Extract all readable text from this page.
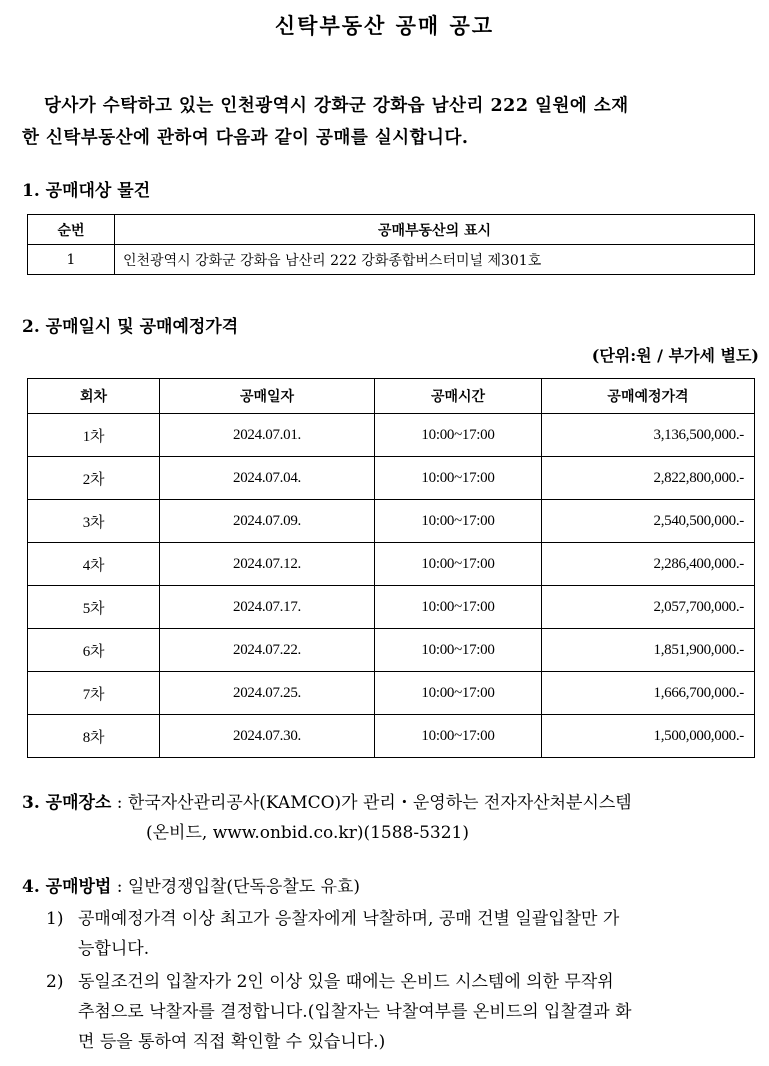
신탁부동산 공매 공고
당사가 수탁하고 있는 인천광역시 강화군 강화읍 남산리 222 일원에 소재
한 신탁부동산에 관하여 다음과 같이 공매를 실시합니다.
1. 공매대상 물건
순번	공매부동산의 표시
1	인천광역시 강화군 강화읍 남산리 222 강화종합버스터미널 제301호
2. 공매일시 및 공매예정가격
(단위:원 / 부가세 별도)
회차	공매일자	공매시간	공매예정가격
1차	2024.07.01.	10:00~17:00	3,136,500,000.-
2차	2024.07.04.	10:00~17:00	2,822,800,000.-
3차	2024.07.09.	10:00~17:00	2,540,500,000.-
4차	2024.07.12.	10:00~17:00	2,286,400,000.-
5차	2024.07.17.	10:00~17:00	2,057,700,000.-
6차	2024.07.22.	10:00~17:00	1,851,900,000.-
7차	2024.07.25.	10:00~17:00	1,666,700,000.-
8차	2024.07.30.	10:00~17:00	1,500,000,000.-
3. 공매장소 : 한국자산관리공사(KAMCO)가 관리・운영하는 전자자산처분시스템
(온비드, www.onbid.co.kr)(1588-5321)
4. 공매방법 : 일반경쟁입찰(단독응찰도 유효)
1) 공매예정가격 이상 최고가 응찰자에게 낙찰하며, 공매 건별 일괄입찰만 가
능합니다.
2) 동일조건의 입찰자가 2인 이상 있을 때에는 온비드 시스템에 의한 무작위
추첨으로 낙찰자를 결정합니다.(입찰자는 낙찰여부를 온비드의 입찰결과 화
면 등을 통하여 직접 확인할 수 있습니다.)
